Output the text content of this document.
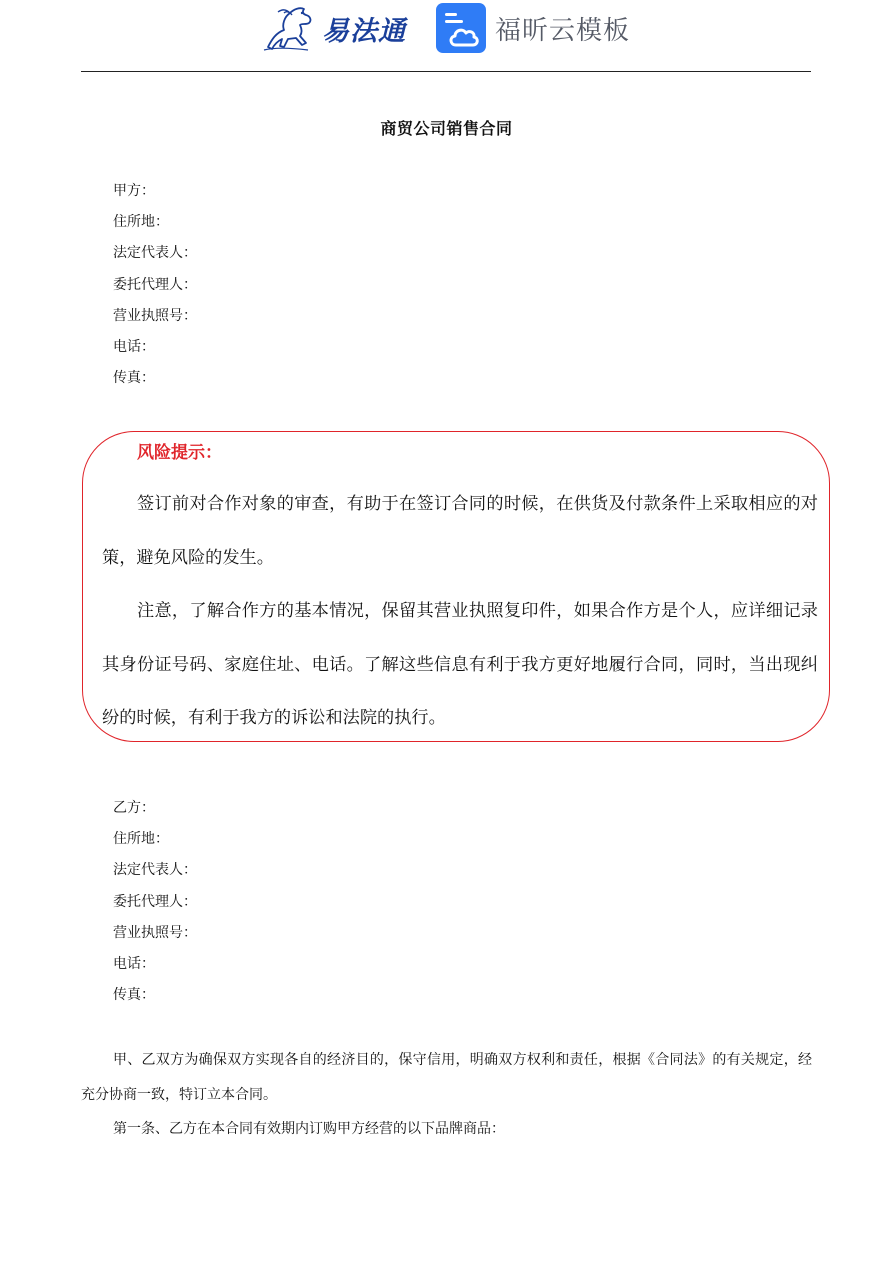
易法通	福昕云模板
商贸公司销售合同
甲方：
住所地：
法定代表人：
委托代理人：
营业执照号：
电话：
传真：
风险提示：

签订前对合作对象的审查，有助于在签订合同的时候，在供货及付款条件上采取相应的对策，避免风险的发生。

注意，了解合作方的基本情况，保留其营业执照复印件，如果合作方是个人，应详细记录其身份证号码、家庭住址、电话。了解这些信息有利于我方更好地履行合同，同时，当出现纠纷的时候，有利于我方的诉讼和法院的执行。

乙方：
住所地：
法定代表人：
委托代理人：
营业执照号：
电话：
传真：

甲、乙双方为确保双方实现各自的经济目的，保守信用，明确双方权利和责任，根据《合同法》的有关规定，经充分协商一致，特订立本合同。

第一条、乙方在本合同有效期内订购甲方经营的以下品牌商品：
